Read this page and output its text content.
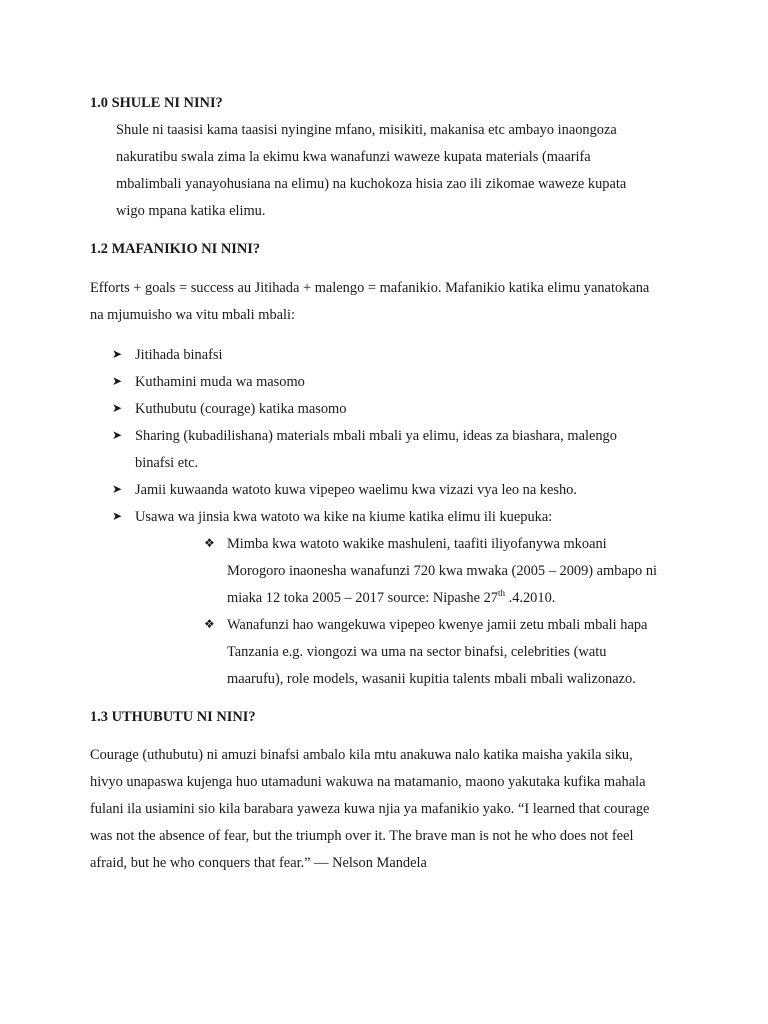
1.0 SHULE NI NINI?
Shule ni taasisi kama taasisi nyingine mfano, misikiti, makanisa etc ambayo inaongoza
nakuratibu swala zima la ekimu kwa wanafunzi waweze kupata materials (maarifa
mbalimbali yanayohusiana na elimu) na kuchokoza hisia zao ili zikomae waweze kupata
wigo mpana katika elimu.
1.2 MAFANIKIO NI NINI?
Efforts + goals = success au Jitihada + malengo = mafanikio. Mafanikio katika elimu yanatokana
na mjumuisho wa vitu mbali mbali:
➤ Jitihada binafsi
➤ Kuthamini muda wa masomo
➤ Kuthubutu (courage) katika masomo
➤ Sharing (kubadilishana) materials mbali mbali ya elimu, ideas za biashara, malengo
binafsi etc.
➤ Jamii kuwaanda watoto kuwa vipepeo waelimu kwa vizazi vya leo na kesho.
➤ Usawa wa jinsia kwa watoto wa kike na kiume katika elimu ili kuepuka:
❖ Mimba kwa watoto wakike mashuleni, taafiti iliyofanywa mkoani
Morogoro inaonesha wanafunzi 720 kwa mwaka (2005 – 2009) ambapo ni
miaka 12 toka 2005 – 2017 source: Nipashe 27th .4.2010.
❖ Wanafunzi hao wangekuwa vipepeo kwenye jamii zetu mbali mbali hapa
Tanzania e.g. viongozi wa uma na sector binafsi, celebrities (watu
maarufu), role models, wasanii kupitia talents mbali mbali walizonazo.
1.3 UTHUBUTU NI NINI?
Courage (uthubutu) ni amuzi binafsi ambalo kila mtu anakuwa nalo katika maisha yakila siku,
hivyo unapaswa kujenga huo utamaduni wakuwa na matamanio, maono yakutaka kufika mahala
fulani ila usiamini sio kila barabara yaweza kuwa njia ya mafanikio yako. “I learned that courage
was not the absence of fear, but the triumph over it. The brave man is not he who does not feel
afraid, but he who conquers that fear.” — Nelson Mandela
